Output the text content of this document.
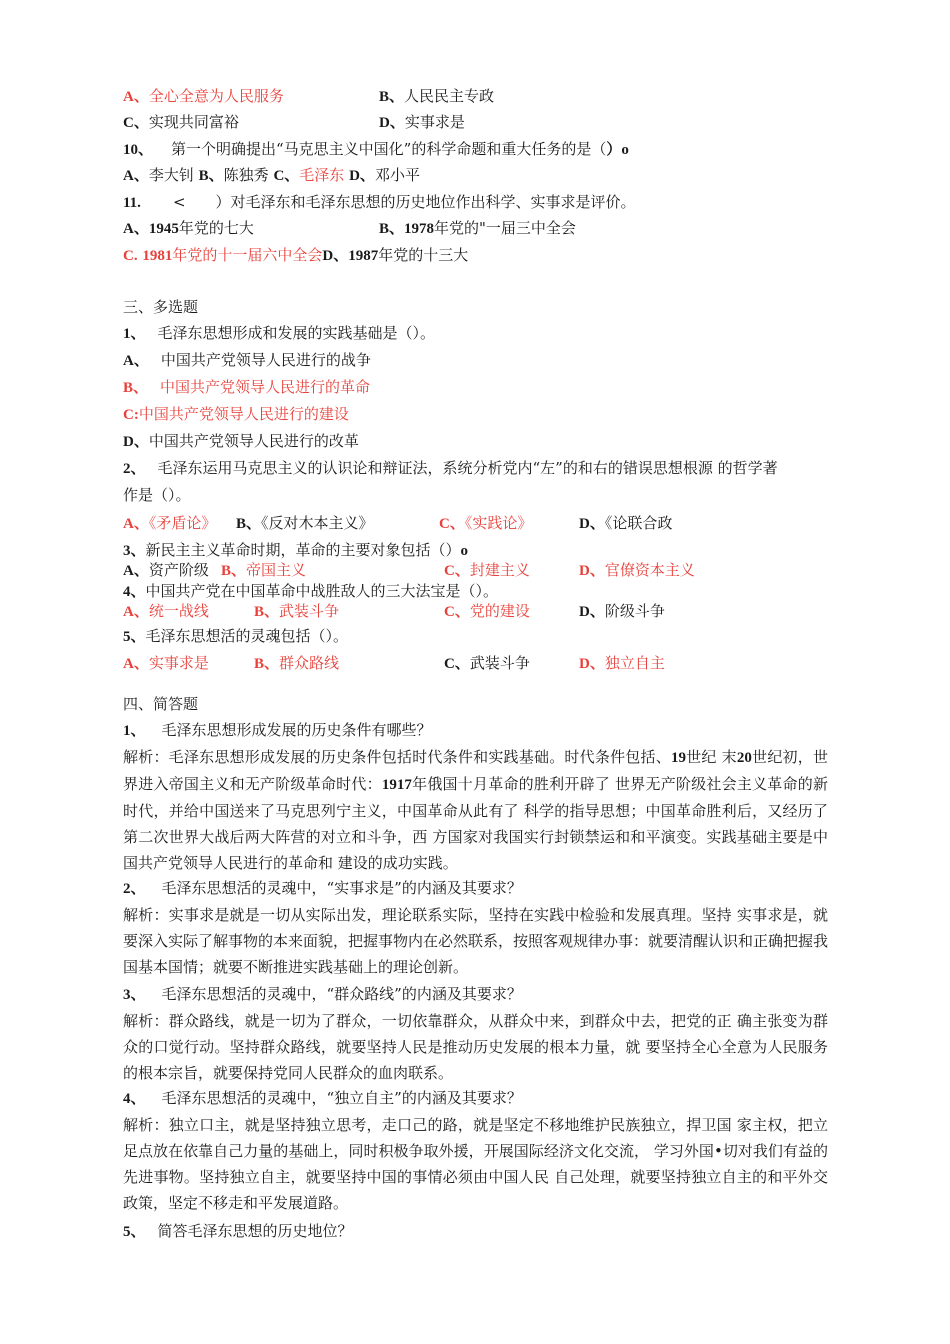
A、全心全意为人民服务	B、人民民主专政
C、实现共同富裕	D、实事求是
10、 第一个明确提出“马克思主义中国化”的科学命题和重大任务的是（）o
A、李大钊 B、陈独秀 C、毛泽东 D、邓小平
11. < ）对毛泽东和毛泽东思想的历史地位作出科学、实事求是评价。
A、1945年党的七大	B、1978年党的"一届三中全会
C. 1981年党的十一届六中全会D、1987年党的十三大
三、多选题
1、 毛泽东思想形成和发展的实践基础是（）。
A、 中国共产党领导人民进行的战争
B、 中国共产党领导人民进行的革命
C:中国共产党领导人民进行的建设
D、中国共产党领导人民进行的改革
2、 毛泽东运用马克思主义的认识论和辩证法，系统分析党内“左”的和右的错误思想根源 的哲学著
作是（）。
A、《矛盾论》 B、《反对木本主义》	C、《实践论》	D、《论联合政
3、新民主主义革命时期，革命的主要对象包括（）o
A、资产阶级 B、帝国主义	C、封建主义	D、官僚资本主义
4、中国共产党在中国革命中战胜敌人的三大法宝是（）。
A、统一战线	B、武装斗争	C、党的建设	D、阶级斗争
5、毛泽东思想活的灵魂包括（）。
A、实事求是	B、群众路线	C、武装斗争	D、独立自主
四、简答题
1、 毛泽东思想形成发展的历史条件有哪些？
解析：毛泽东思想形成发展的历史条件包括时代条件和实践基础。时代条件包括、19世纪 末20世纪初，世界进入帝国主义和无产阶级革命时代：1917年俄国十月革命的胜利开辟了 世界无产阶级社会主义革命的新时代，并给中国送来了马克思列宁主义，中国革命从此有了 科学的指导思想；中国革命胜利后，又经历了第二次世界大战后两大阵营的对立和斗争，西 方国家对我国实行封锁禁运和和平演变。实践基础主要是中国共产党领导人民进行的革命和 建设的成功实践。
2、 毛泽东思想活的灵魂中，“实事求是”的内涵及其要求？
解析：实事求是就是一切从实际出发，理论联系实际，坚持在实践中检验和发展真理。坚持 实事求是，就要深入实际了解事物的本来面貌，把握事物内在必然联系，按照客观规律办事：就要清醒认识和正确把握我国基本国情；就要不断推进实践基础上的理论创新。
3、 毛泽东思想活的灵魂中，“群众路线”的内涵及其要求？
解析：群众路线，就是一切为了群众，一切依靠群众，从群众中来，到群众中去，把党的正 确主张变为群众的口觉行动。坚持群众路线，就要坚持人民是推动历史发展的根本力量，就 要坚持全心全意为人民服务的根本宗旨，就要保持党同人民群众的血肉联系。
4、 毛泽东思想活的灵魂中，“独立自主”的内涵及其要求？
解析：独立口主，就是坚持独立思考，走口己的路，就是坚定不移地维护民族独立，捍卫国 家主权，把立足点放在依靠自己力量的基础上，同时积极争取外援，开展国际经济文化交流， 学习外国•切对我们有益的先进事物。坚持独立自主，就要坚持中国的事情必须由中国人民 自己处理，就要坚持独立自主的和平外交政策，坚定不移走和平发展道路。
5、 简答毛泽东思想的历史地位？
